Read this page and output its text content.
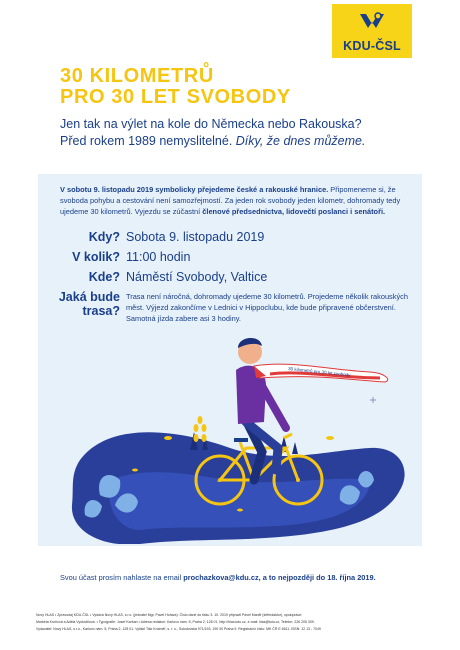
KDU-ČSL
30 KILOMETRŮ
PRO 30 LET SVOBODY
Jen tak na výlet na kole do Německa nebo Rakouska?
Před rokem 1989 nemyslitelné. Díky, že dnes můžeme.
V sobotu 9. listopadu 2019 symbolicky přejedeme české a rakouské hranice. Připomeneme si, že svoboda pohybu a cestování není samozřejmostí. Za jeden rok svobody jeden kilometr, dohromady tedy ujedeme 30 kilometrů. Vyjezdu se zúčastní členové předsednictva, lidovečtí poslanci i senátoři.
Kdy? Sobota 9. listopadu 2019
V kolik? 11:00 hodin
Kde? Náměstí Svobody, Valtice
Jaká bude
trasa?
Trasa není náročná, dohromady ujedeme 30 kilometrů. Projedeme několik rakouských měst. Výjezd zakončíme v Lednici v Hippoclubu, kde bude připravené občerstvení. Samotná jízda zabere asi 3 hodiny.
30 kilometrů pro 30 let svobody
Svou účast prosím nahlaste na email prochazkova@kdu.cz, a to nejpozději do 18. října 2019.
Nový HLAS • Zpravodaj KDU-ČSL • Vydává Nový HLAS, s.r.o. (jednatel Mgr. Pavel Hořava). Číslo dané do tisku 3. 10. 2019 připravil Pavel Maněl (šéfredaktor), spolupráce:
Markéta Kroňová a Adéla Vyskočilová. • Typografie: Josef Karban • Adresa redakce: Karlovo nám. 5, Praha 2, 128 01, http://hlas.kdu.cz, e-mail: hlas@kdu.cz, Telefon: 226 205 309.
Vydavatel: Nový HLAS, s.r.o., Karlovo nám. 5, Praha 2, 128 01. Vytiskl Tisk Kroiměř, s. r. o., Sokolovská 971/193, 190 00 Praha 9. Registrační číslo: MK ČR E 6611. ISSN: 12 13 - 7049
